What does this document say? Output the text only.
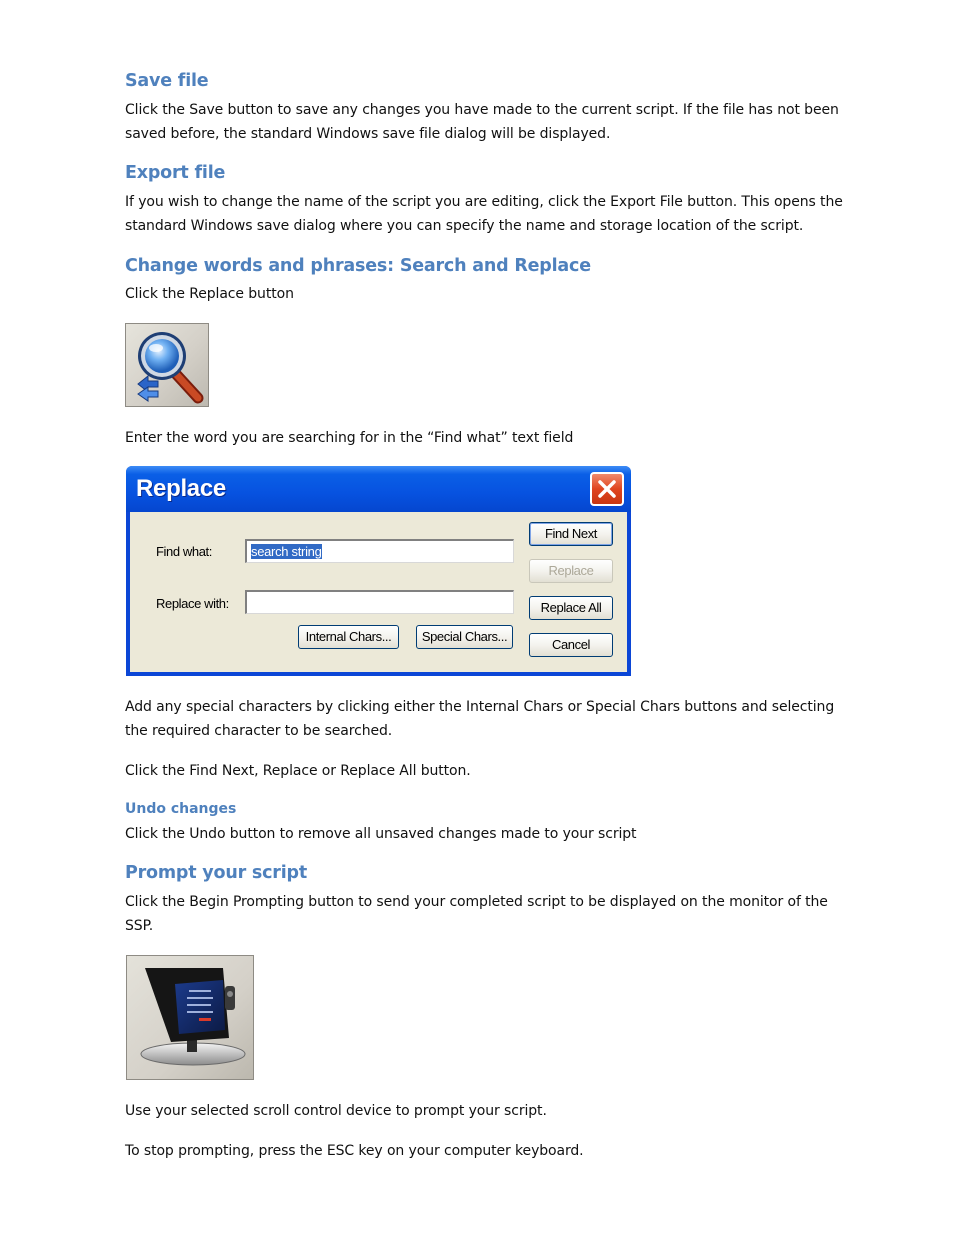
Save file
Click the Save button to save any changes you have made to the current script. If the file has not been saved before, the standard Windows save file dialog will be displayed.
Export file
If you wish to change the name of the script you are editing, click the Export File button. This opens the standard Windows save dialog where you can specify the name and storage location of the script.
Change words and phrases: Search and Replace
Click the Replace button
Enter the word you are searching for in the “Find what” text field
Replace
Find what:	search string
Replace with:
Internal Chars...	Special Chars...
Find Next
Replace
Replace All
Cancel
Add any special characters by clicking either the Internal Chars or Special Chars buttons and selecting the required character to be searched.
Click the Find Next, Replace or Replace All button.
Undo changes
Click the Undo button to remove all unsaved changes made to your script
Prompt your script
Click the Begin Prompting button to send your completed script to be displayed on the monitor of the SSP.
Use your selected scroll control device to prompt your script.
To stop prompting, press the ESC key on your computer keyboard.
